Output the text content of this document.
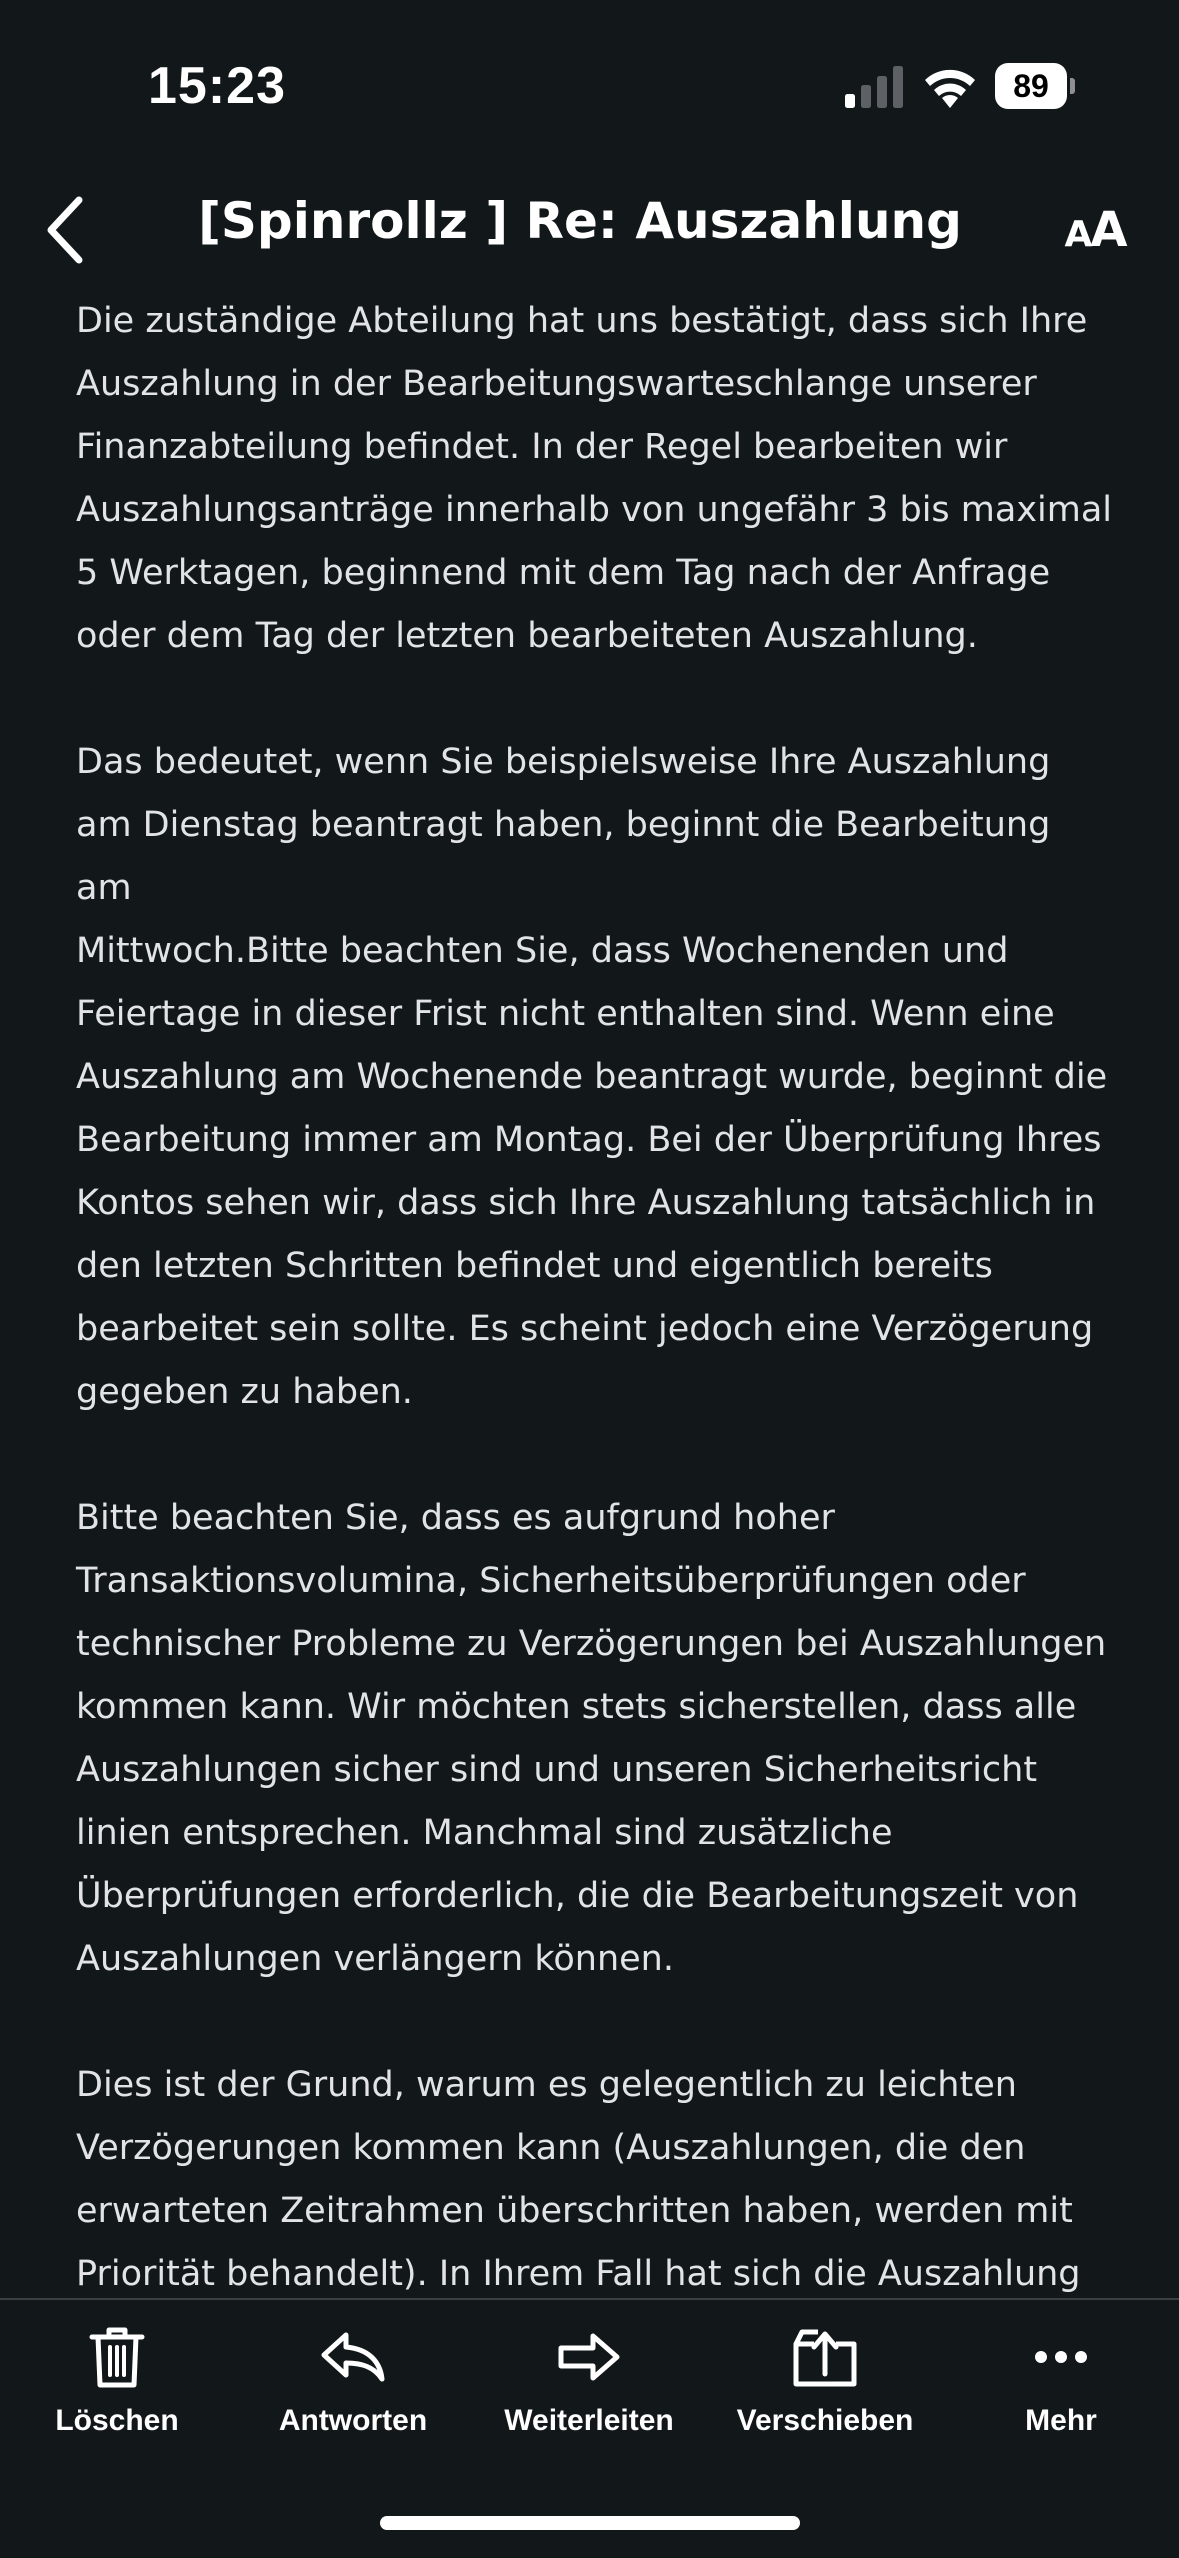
15:23	89
[Spinrollz ] Re: Auszahlung	AA

Die zuständige Abteilung hat uns bestätigt, dass sich Ihre
Auszahlung in der Bearbeitungswarteschlange unserer
Finanzabteilung befindet. In der Regel bearbeiten wir
Auszahlungsanträge innerhalb von ungefähr 3 bis maximal
5 Werktagen, beginnend mit dem Tag nach der Anfrage
oder dem Tag der letzten bearbeiteten Auszahlung.

Das bedeutet, wenn Sie beispielsweise Ihre Auszahlung
am Dienstag beantragt haben, beginnt die Bearbeitung am
Mittwoch.Bitte beachten Sie, dass Wochenenden und
Feiertage in dieser Frist nicht enthalten sind. Wenn eine
Auszahlung am Wochenende beantragt wurde, beginnt die
Bearbeitung immer am Montag. Bei der Überprüfung Ihres
Kontos sehen wir, dass sich Ihre Auszahlung tatsächlich in
den letzten Schritten befindet und eigentlich bereits
bearbeitet sein sollte. Es scheint jedoch eine Verzögerung
gegeben zu haben.

Bitte beachten Sie, dass es aufgrund hoher
Transaktionsvolumina, Sicherheitsüberprüfungen oder
technischer Probleme zu Verzögerungen bei Auszahlungen
kommen kann. Wir möchten stets sicherstellen, dass alle
Auszahlungen sicher sind und unseren Sicherheitsricht
linien entsprechen. Manchmal sind zusätzliche
Überprüfungen erforderlich, die die Bearbeitungszeit von
Auszahlungen verlängern können.

Dies ist der Grund, warum es gelegentlich zu leichten
Verzögerungen kommen kann (Auszahlungen, die den
erwarteten Zeitrahmen überschritten haben, werden mit
Priorität behandelt). In Ihrem Fall hat sich die Auszahlung

Löschen	Antworten	Weiterleiten	Verschieben	Mehr
